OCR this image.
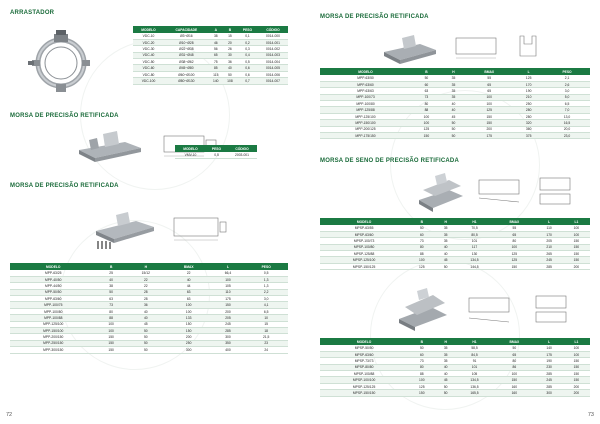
ARRASTADOR
MODELO	CAPACIDADE	A	B	PESO	CÓDIGO
VDC-10	Ø3~Ø16	38	15	0,1	0014-000
VDC-20	Ø10~Ø28	46	20	0,2	0014-001
VDC-30	Ø22~Ø38	56	26	0,3	0014-002
VDC-40	Ø31~Ø48	65	30	0,4	0014-003
VDC-50	Ø38~Ø62	75	36	0,5	0014-004
VDC-60	Ø45~Ø80	85	40	0,6	0014-005
VDC-80	Ø60~Ø100	115	50	0,6	0014-006
VDC-100	Ø80~Ø130	140	108	0,7	0014-007
MORSA DE PRECISÃO RETIFICADA
MODELO	PESO	CÓDIGO
VMV-10	0,5	2003-001
MORSA DE PRECISÃO RETIFICADA
MODELO	B	H	BMAX	L	PESO
MPP-63/25	25	15/12	22	66,4	0,5
MPP-40/50	40	22	40	100	1,3
MPP-44/50	38	22	44	105	1,3
MPP-50/50	50	28	63	110	2,2
MPP-63/60	63	28	63	175	3,0
MPP-100/75	73	36	100	150	4,1
MPP-100/80	80	40	100	200	6,5
MPP-100/88	88	40	133	205	10
MPP-125/100	100	45	150	245	15
MPP-150/100	100	50	150	285	18
MPP-200/150	150	50	200	300	21,5
MPP-250/150	150	50	250	350	23
MPP-300/150	150	50	300	400	24
72
MORSA DE PRECISÃO RETIFICADA
MODELO	B	H	BMAX	L	PESO
MPP-63/50	50	35	55	125	2,1
MPP-63/60	60	35	65	170	2,6
MPP-63/63	63	35	65	190	3,0
MPP-100/73	73	35	100	210	5,0
MPP-100/80	80	40	100	250	6,5
MPP-125/88	88	40	125	280	7,0
MPP-125/100	100	45	150	280	13,0
MPP-150/100	100	50	150	320	16,5
MPP-200/125	125	50	200	360	20,0
MPP-175/150	150	50	175	375	23,0
MORSA DE SENO DE PRECISÃO RETIFICADA
MODELO	B	H	H1	BMAX	L	L1
MPSP-63/55	50	35	70,5	55	110	100
MPSP-63/60	60	35	80,5	65	170	100
MPSP-100/73	73	35	101	80	205	150
MPSP-100/80	80	40	117	100	210	150
MPSP-125/88	88	40	130	125	265	150
MPSP-125/100	100	45	134,5	125	245	150
MPSP-150/125	125	50	144,5	150	285	200
MODELO	B	H	H1	BMAX	L	L1
MPSP-50/50	50	35	58,5	50	140	100
MPSP-63/60	60	35	84,5	65	175	100
MPSP-73/73	73	35	91	80	190	150
MPSP-80/80	80	40	101	86	230	150
MPSP-100/88	88	40	105	100	285	150
MPSP-100/100	100	45	134,5	150	245	150
MPSP-125/125	125	50	136,5	160	285	200
MPSP-150/150	150	50	165,5	160	300	200
73
